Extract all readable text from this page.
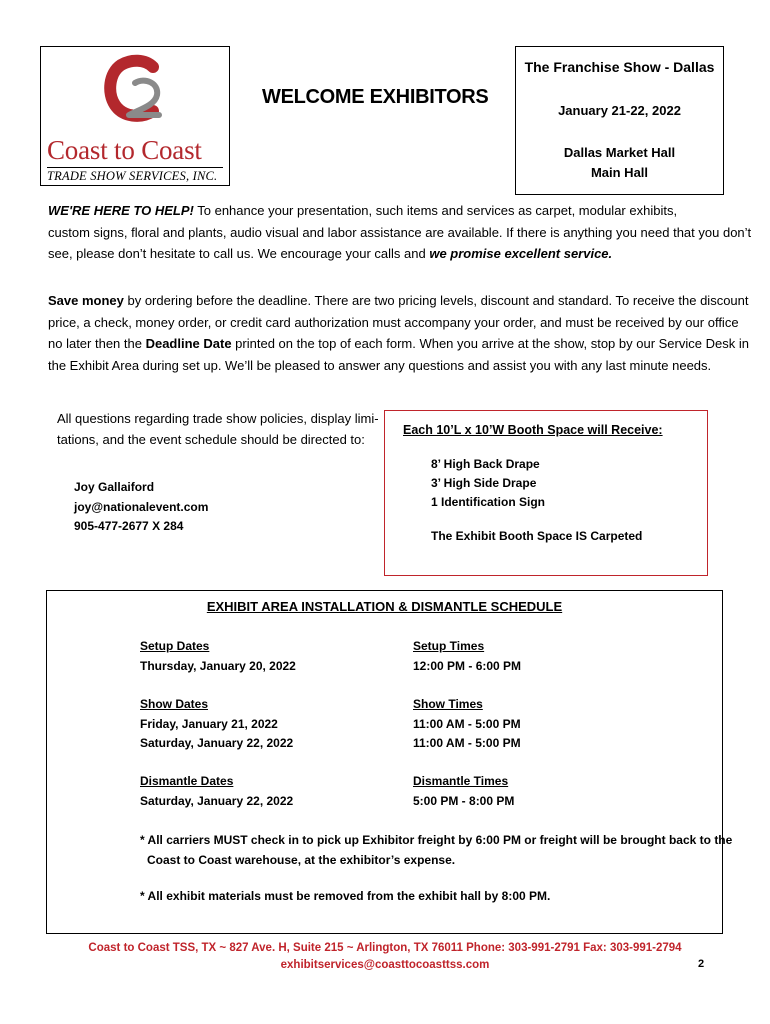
Coast to Coast
TRADE SHOW SERVICES, INC.
WELCOME EXHIBITORS
The Franchise Show - Dallas
January 21-22, 2022
Dallas Market Hall
Main Hall

WE'RE HERE TO HELP! To enhance your presentation, such items and services as carpet, modular exhibits,

custom signs, floral and plants, audio visual and labor assistance are available. If there is anything you need that you don’t

see, please don’t hesitate to call us. We encourage your calls and we promise excellent service.

Save money by ordering before the deadline. There are two pricing levels, discount and standard. To receive the discount

price, a check, money order, or credit card authorization must accompany your order, and must be received by our office

no later then the Deadline Date printed on the top of each form. When you arrive at the show, stop by our Service Desk in

the Exhibit Area during set up. We’ll be pleased to answer any questions and assist you with any last minute needs.

All questions regarding trade show policies, display limi-

tations, and the event schedule should be directed to:

Joy Gallaiford
joy@nationalevent.com
905-477-2677 X 284
Each 10’L x 10’W Booth Space will Receive:
8’ High Back Drape
3’ High Side Drape
1 Identification Sign
The Exhibit Booth Space IS Carpeted
EXHIBIT AREA INSTALLATION & DISMANTLE SCHEDULE
Setup Dates
Thursday, January 20, 2022
Setup Times
12:00 PM - 6:00 PM
Show Dates
Friday, January 21, 2022
Saturday, January 22, 2022
Show Times
11:00 AM - 5:00 PM
11:00 AM - 5:00 PM
Dismantle Dates
Saturday, January 22, 2022
Dismantle Times
5:00 PM - 8:00 PM
* All carriers MUST check in to pick up Exhibitor freight by 6:00 PM or freight will be brought back to the
Coast to Coast warehouse, at the exhibitor’s expense.
* All exhibit materials must be removed from the exhibit hall by 8:00 PM.
Coast to Coast TSS, TX ~ 827 Ave. H, Suite 215 ~ Arlington, TX 76011 Phone: 303-991-2791 Fax: 303-991-2794
exhibitservices@coasttocoasttss.com	2
